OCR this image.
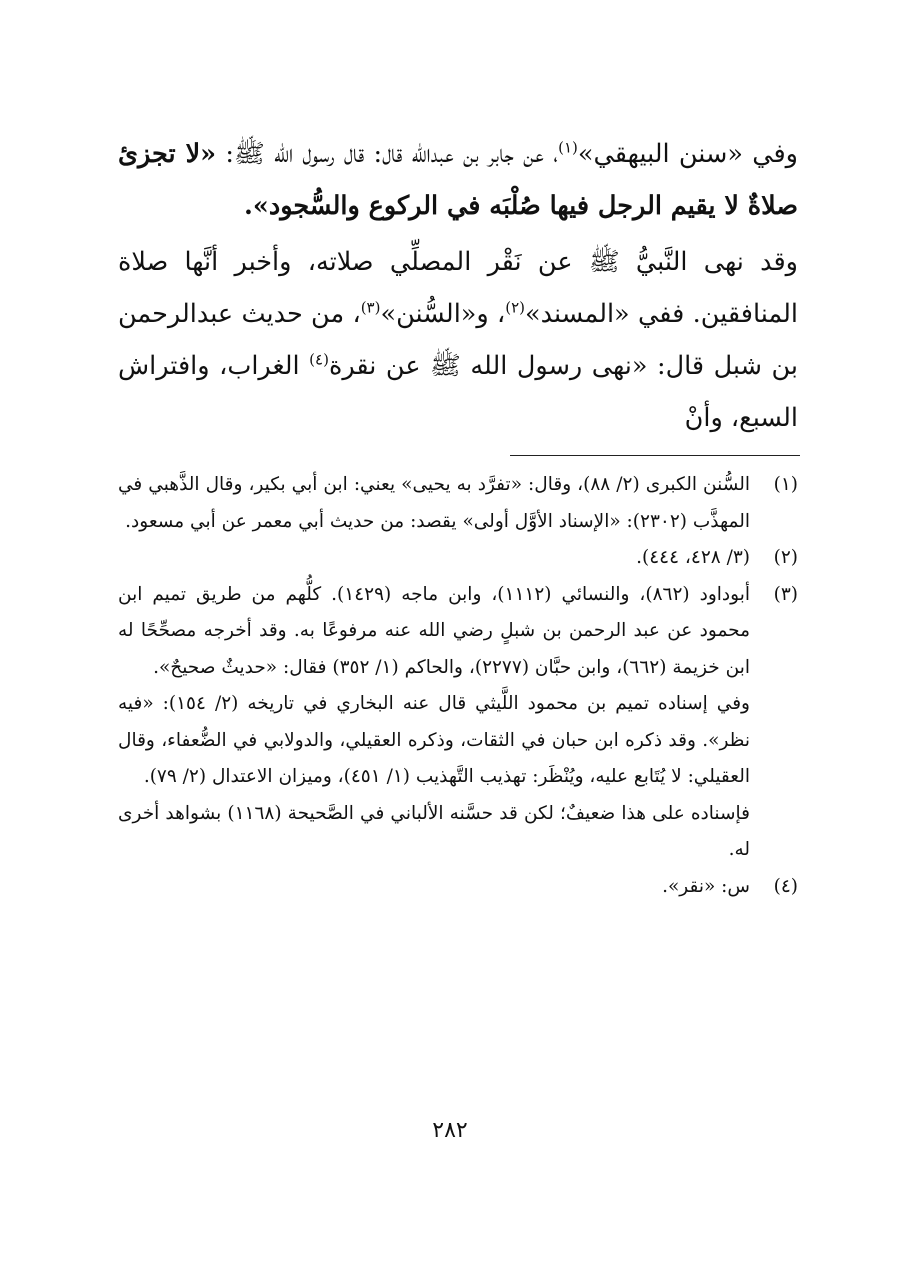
وفي «سنن البيهقي»$^{(١)}$، عن جابر بن عبدالله قال: قال رسول الله ﷺ: «لا تجزئ صلاةٌ لا يقيم الرجل فيها صُلْبَه في الركوع والسُّجود».

وقد نهى النَّبيُّ ﷺ عن نَقْر المصلِّي صلاته، وأخبر أنَّها صلاة المنافقين. ففي «المسند»$^{(٢)}$، و«السُّنن»$^{(٣)}$، من حديث عبدالرحمن بن شبل قال: «نهى رسول الله ﷺ عن نقرة$^{(٤)}$ الغراب، وافتراش السبع، وأنْ

(١)
السُّنن الكبرى (٢/ ٨٨)، وقال: «تفرَّد به يحيى» يعني: ابن أبي بكير، وقال الذَّهبي في المهذَّب (٢٣٠٢): «الإسناد الأوَّل أولى» يقصد: من حديث أبي معمر عن أبي مسعود.
(٢)
(٣/ ٤٢٨، ٤٤٤).
(٣)
أبوداود (٨٦٢)، والنسائي (١١١٢)، وابن ماجه (١٤٢٩). كلُّهم من طريق تميم ابن محمود عن عبد الرحمن بن شبلٍ رضي الله عنه مرفوعًا به. وقد أخرجه مصحِّحًا له ابن خزيمة (٦٦٢)، وابن حبَّان (٢٢٧٧)، والحاكم (١/ ٣٥٢) فقال: «حديثٌ صحيحٌ».

وفي إسناده تميم بن محمود اللَّيثي قال عنه البخاري في تاريخه (٢/ ١٥٤): «فيه نظر». وقد ذكره ابن حبان في الثقات، وذكره العقيلي، والدولابي في الضُّعفاء، وقال العقيلي: لا يُتَابع عليه، ويُنْظَر: تهذيب التَّهذيب (١/ ٤٥١)، وميزان الاعتدال (٢/ ٧٩).

فإسناده على هذا ضعيفٌ؛ لكن قد حسَّنه الألباني في الصَّحيحة (١١٦٨) بشواهد أخرى له.

(٤)
س: «نقر».
٢٨٢
